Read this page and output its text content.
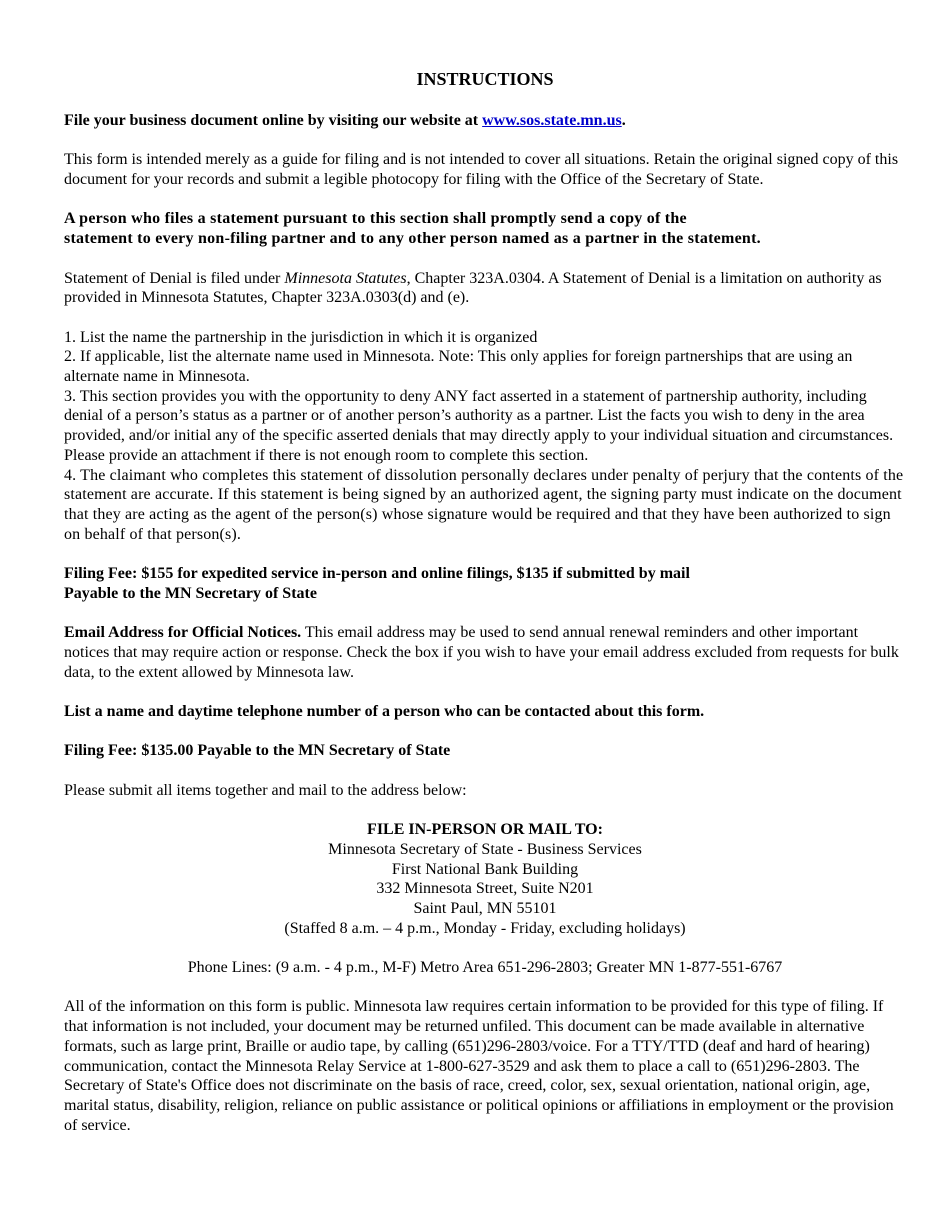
INSTRUCTIONS

File your business document online by visiting our website at www.sos.state.mn.us.

This form is intended merely as a guide for filing and is not intended to cover all situations. Retain the original signed copy of this document for your records and submit a legible photocopy for filing with the Office of the Secretary of State.

A person who files a statement pursuant to this section shall promptly send a copy of the
statement to every non-filing partner and to any other person named as a partner in the statement.

Statement of Denial is filed under Minnesota Statutes, Chapter 323A.0304. A Statement of Denial is a limitation on authority as provided in Minnesota Statutes, Chapter 323A.0303(d) and (e).

1. List the name the partnership in the jurisdiction in which it is organized

2. If applicable, list the alternate name used in Minnesota. Note: This only applies for foreign partnerships that are using an alternate name in Minnesota.

3. This section provides you with the opportunity to deny ANY fact asserted in a statement of partnership authority, including denial of a person’s status as a partner or of another person’s authority as a partner. List the facts you wish to deny in the area provided, and/or initial any of the specific asserted denials that may directly apply to your individual situation and circumstances. Please provide an attachment if there is not enough room to complete this section.

4. The claimant who completes this statement of dissolution personally declares under penalty of perjury that the contents of the statement are accurate. If this statement is being signed by an authorized agent, the signing party must indicate on the document that they are acting as the agent of the person(s) whose signature would be required and that they have been authorized to sign on behalf of that person(s).

Filing Fee: $155 for expedited service in-person and online filings, $135 if submitted by mail
Payable to the MN Secretary of State

Email Address for Official Notices. This email address may be used to send annual renewal reminders and other important notices that may require action or response. Check the box if you wish to have your email address excluded from requests for bulk data, to the extent allowed by Minnesota law.

List a name and daytime telephone number of a person who can be contacted about this form.

Filing Fee: $135.00 Payable to the MN Secretary of State

Please submit all items together and mail to the address below:

FILE IN-PERSON OR MAIL TO:
Minnesota Secretary of State - Business Services
First National Bank Building
332 Minnesota Street, Suite N201
Saint Paul, MN 55101
(Staffed 8 a.m. – 4 p.m., Monday - Friday, excluding holidays)

Phone Lines: (9 a.m. - 4 p.m., M-F) Metro Area 651-296-2803; Greater MN 1-877-551-6767

All of the information on this form is public. Minnesota law requires certain information to be provided for this type of filing. If that information is not included, your document may be returned unfiled. This document can be made available in alternative formats, such as large print, Braille or audio tape, by calling (651)296-2803/voice. For a TTY/TTD (deaf and hard of hearing) communication, contact the Minnesota Relay Service at 1-800-627-3529 and ask them to place a call to (651)296-2803. The Secretary of State's Office does not discriminate on the basis of race, creed, color, sex, sexual orientation, national origin, age, marital status, disability, religion, reliance on public assistance or political opinions or affiliations in employment or the provision of service.
